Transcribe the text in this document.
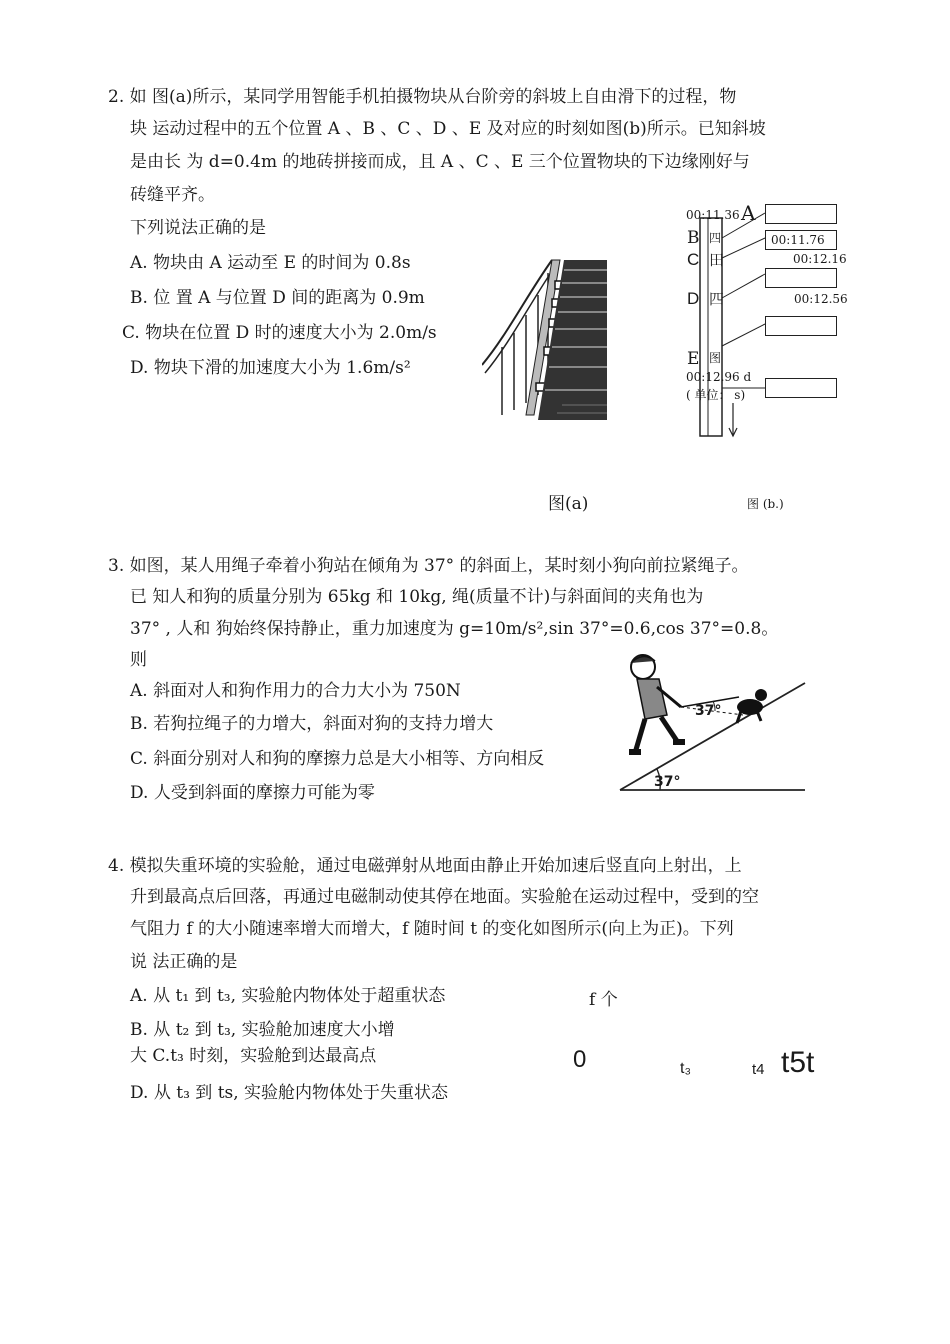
2. 如 图(a)所示，某同学用智能手机拍摄物块从台阶旁的斜坡上自由滑下的过程，物
块 运动过程中的五个位置 A 、B 、C 、D 、E 及对应的时刻如图(b)所示。已知斜坡
是由长 为 d=0.4m 的地砖拼接而成，且 A 、C 、E 三个位置物块的下边缘刚好与
砖缝平齐。
下列说法正确的是
A. 物块由 A 运动至 E 的时间为 0.8s
B. 位 置 A 与位置 D 间的距离为 0.9m
C. 物块在位置 D 时的速度大小为 2.0m/s
D. 物块下滑的加速度大小为 1.6m/s²
00:11.36 A
B 四	00:11.76
C 田	00:12.16
D 四	00:12.56
E 图
00:12.96 d
( 单位： s)
图(a)	图 (b.)
3. 如图，某人用绳子牵着小狗站在倾角为 37° 的斜面上，某时刻小狗向前拉紧绳子。
已 知人和狗的质量分别为 65kg 和 10kg, 绳(质量不计)与斜面间的夹角也为
37° , 人和 狗始终保持静止，重力加速度为 g=10m/s²,sin 37°=0.6,cos 37°=0.8。
则
A. 斜面对人和狗作用力的合力大小为 750N
B. 若狗拉绳子的力增大，斜面对狗的支持力增大
C. 斜面分别对人和狗的摩擦力总是大小相等、方向相反
D. 人受到斜面的摩擦力可能为零
37°
37°
4. 模拟失重环境的实验舱，通过电磁弹射从地面由静止开始加速后竖直向上射出，上
升到最高点后回落，再通过电磁制动使其停在地面。实验舱在运动过程中，受到的空
气阻力 f 的大小随速率增大而增大，f 随时间 t 的变化如图所示(向上为正)。下列
说 法正确的是
A. 从 t₁ 到 t₃, 实验舱内物体处于超重状态
B. 从 t₂ 到 t₃, 实验舱加速度大小增
大 C.t₃ 时刻，实验舱到达最高点
D. 从 t₃ 到 ts, 实验舱内物体处于失重状态
f 个
0	t₃	t4 t5t
